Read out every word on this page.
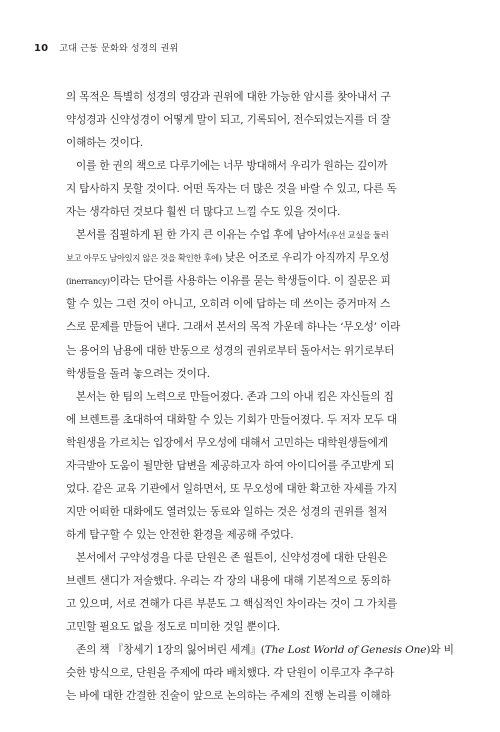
10 고대 근동 문화와 성경의 권위
의 목적은 특별히 성경의 영감과 권위에 대한 가능한 암시를 찾아내서 구
약성경과 신약성경이 어떻게 말이 되고, 기록되어, 전수되었는지를 더 잘
이해하는 것이다.
이를 한 권의 책으로 다루기에는 너무 방대해서 우리가 원하는 깊이까
지 탐사하지 못할 것이다. 어떤 독자는 더 많은 것을 바랄 수 있고, 다른 독
자는 생각하던 것보다 훨씬 더 많다고 느낄 수도 있을 것이다.
본서를 집필하게 된 한 가지 큰 이유는 수업 후에 남아서(우선 교실을 둘러
보고 아무도 남아있지 않은 것을 확인한 후에) 낮은 어조로 우리가 아직까지 무오성
(inerrancy)이라는 단어를 사용하는 이유를 묻는 학생들이다. 이 질문은 피
할 수 있는 그런 것이 아니고, 오히려 이에 답하는 데 쓰이는 증거마저 스
스로 문제를 만들어 낸다. 그래서 본서의 목적 가운데 하나는 ‘무오성’ 이라
는 용어의 남용에 대한 반동으로 성경의 권위로부터 돌아서는 위기로부터
학생들을 돌려 놓으려는 것이다.
본서는 한 팀의 노력으로 만들어졌다. 존과 그의 아내 킴은 자신들의 집
에 브렌트를 초대하여 대화할 수 있는 기회가 만들어졌다. 두 저자 모두 대
학원생을 가르치는 입장에서 무오성에 대해서 고민하는 대학원생들에게
자극받아 도움이 될만한 답변을 제공하고자 하여 아이디어를 주고받게 되
었다. 같은 교육 기관에서 일하면서, 또 무오성에 대한 확고한 자세를 가지
지만 어떠한 대화에도 열려있는 동료와 일하는 것은 성경의 권위를 철저
하게 탐구할 수 있는 안전한 환경을 제공해 주었다.
본서에서 구약성경을 다룬 단원은 존 월튼이, 신약성경에 대한 단원은
브렌트 샌디가 저술했다. 우리는 각 장의 내용에 대해 기본적으로 동의하
고 있으며, 서로 견해가 다른 부분도 그 핵심적인 차이라는 것이 그 가치를
고민할 필요도 없을 정도로 미미한 것일 뿐이다.
존의 책 『창세기 1장의 잃어버린 세계』(The Lost World of Genesis One)와 비
슷한 방식으로, 단원을 주제에 따라 배치했다. 각 단원이 이루고자 추구하
는 바에 대한 간결한 진술이 앞으로 논의하는 주제의 진행 논리를 이해하
